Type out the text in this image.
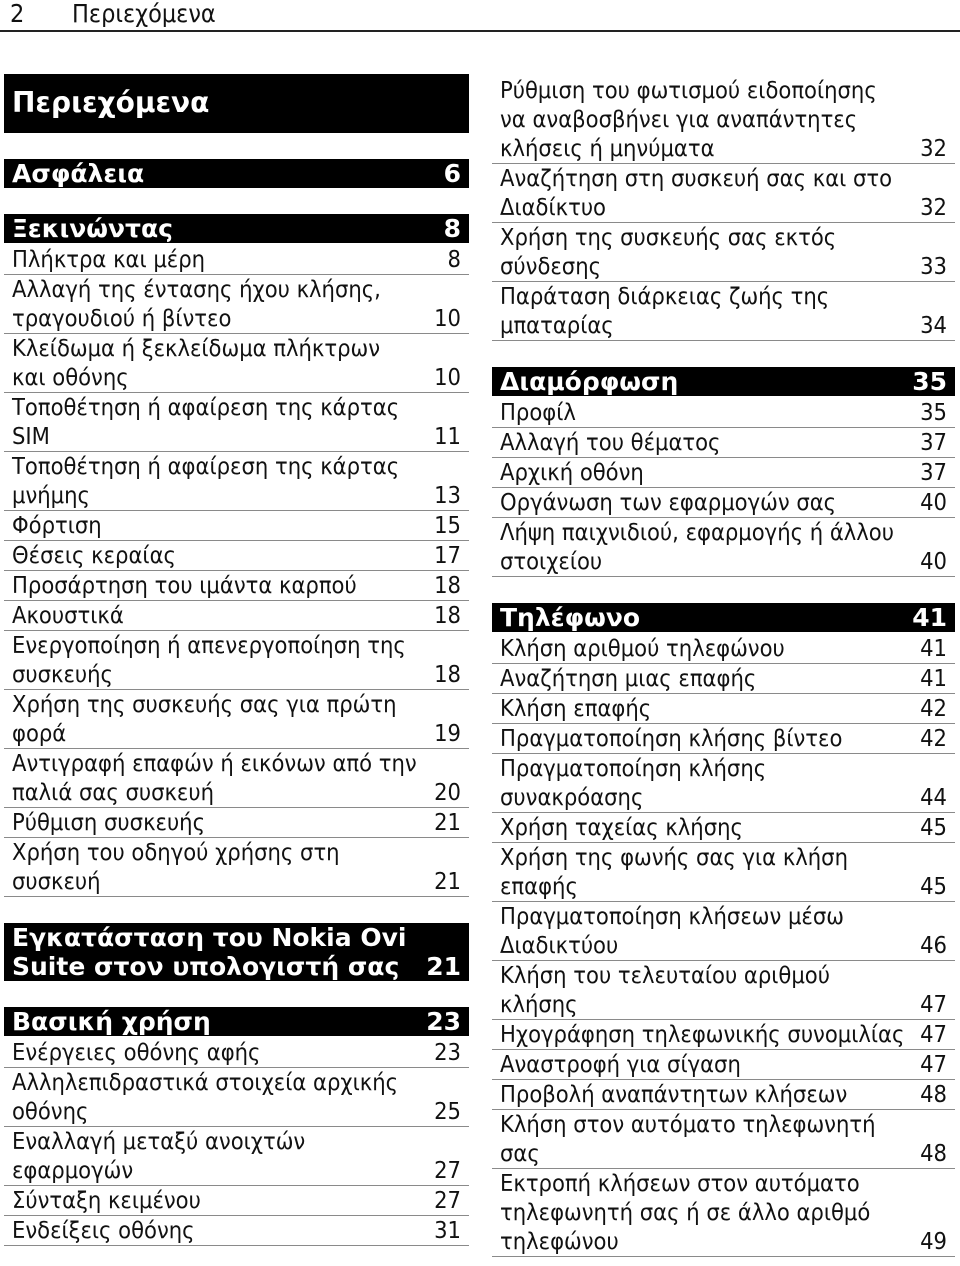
2 Περιεχόμενα
Περιεχόμενα
Ασφάλεια	6
Ξεκινώντας	8
Πλήκτρα και μέρη	8
Αλλαγή της έντασης ήχου κλήσης, τραγουδιού ή βίντεο	10
Κλείδωμα ή ξεκλείδωμα πλήκτρων και οθόνης	10
Τοποθέτηση ή αφαίρεση της κάρτας SIM	11
Τοποθέτηση ή αφαίρεση της κάρτας μνήμης	13
Φόρτιση	15
Θέσεις κεραίας	17
Προσάρτηση του ιμάντα καρπού	18
Ακουστικά	18
Ενεργοποίηση ή απενεργοποίηση της συσκευής	18
Χρήση της συσκευής σας για πρώτη φορά	19
Αντιγραφή επαφών ή εικόνων από την παλιά σας συσκευή	20
Ρύθμιση συσκευής	21
Χρήση του οδηγού χρήσης στη συσκευή	21
Εγκατάσταση του Nokia Ovi Suite στον υπολογιστή σας	21
Βασική χρήση	23
Ενέργειες οθόνης αφής	23
Αλληλεπιδραστικά στοιχεία αρχικής οθόνης	25
Εναλλαγή μεταξύ ανοιχτών εφαρμογών	27
Σύνταξη κειμένου	27
Ενδείξεις οθόνης	31
Ρύθμιση του φωτισμού ειδοποίησης να αναβοσβήνει για αναπάντητες κλήσεις ή μηνύματα	32
Αναζήτηση στη συσκευή σας και στο Διαδίκτυο	32
Χρήση της συσκευής σας εκτός σύνδεσης	33
Παράταση διάρκειας ζωής της μπαταρίας	34
Διαμόρφωση	35
Προφίλ	35
Αλλαγή του θέματος	37
Αρχική οθόνη	37
Οργάνωση των εφαρμογών σας	40
Λήψη παιχνιδιού, εφαρμογής ή άλλου στοιχείου	40
Τηλέφωνο	41
Κλήση αριθμού τηλεφώνου	41
Αναζήτηση μιας επαφής	41
Κλήση επαφής	42
Πραγματοποίηση κλήσης βίντεο	42
Πραγματοποίηση κλήσης συνακρόασης	44
Χρήση ταχείας κλήσης	45
Χρήση της φωνής σας για κλήση επαφής	45
Πραγματοποίηση κλήσεων μέσω Διαδικτύου	46
Κλήση του τελευταίου αριθμού κλήσης	47
Ηχογράφηση τηλεφωνικής συνομιλίας 47
Αναστροφή για σίγαση	47
Προβολή αναπάντητων κλήσεων	48
Κλήση στον αυτόματο τηλεφωνητή σας	48
Εκτροπή κλήσεων στον αυτόματο τηλεφωνητή σας ή σε άλλο αριθμό τηλεφώνου	49
